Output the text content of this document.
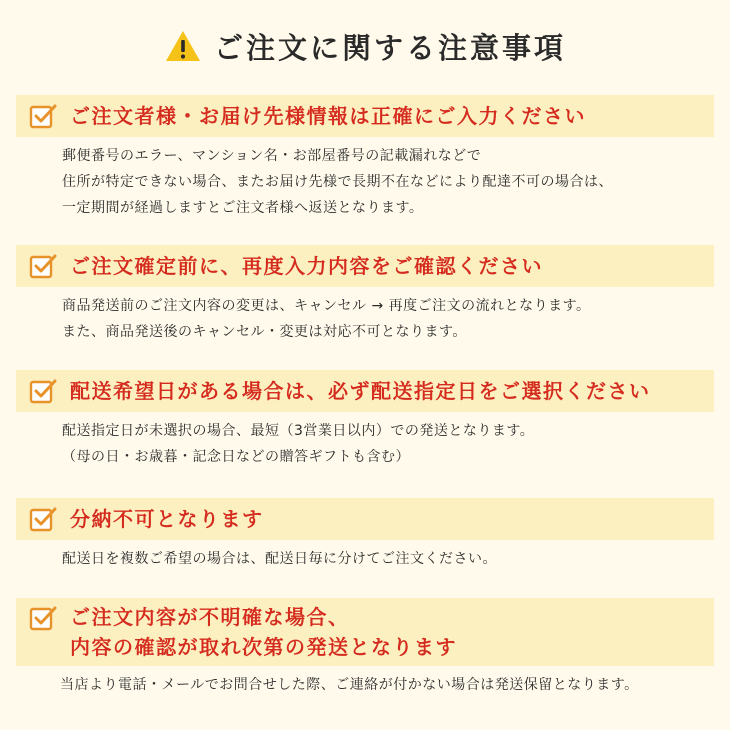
ご注文に関する注意事項
ご注文者様・お届け先様情報は正確にご入力ください
郵便番号のエラー、マンション名・お部屋番号の記載漏れなどで
住所が特定できない場合、またお届け先様で長期不在などにより配達不可の場合は、
一定期間が経過しますとご注文者様へ返送となります。
ご注文確定前に、再度入力内容をご確認ください
商品発送前のご注文内容の変更は、キャンセル → 再度ご注文の流れとなります。
また、商品発送後のキャンセル・変更は対応不可となります。
配送希望日がある場合は、必ず配送指定日をご選択ください
配送指定日が未選択の場合、最短（3営業日以内）での発送となります。
（母の日・お歳暮・記念日などの贈答ギフトも含む）
分納不可となります
配送日を複数ご希望の場合は、配送日毎に分けてご注文ください。
ご注文内容が不明確な場合、
内容の確認が取れ次第の発送となります
当店より電話・メールでお問合せした際、ご連絡が付かない場合は発送保留となります。
